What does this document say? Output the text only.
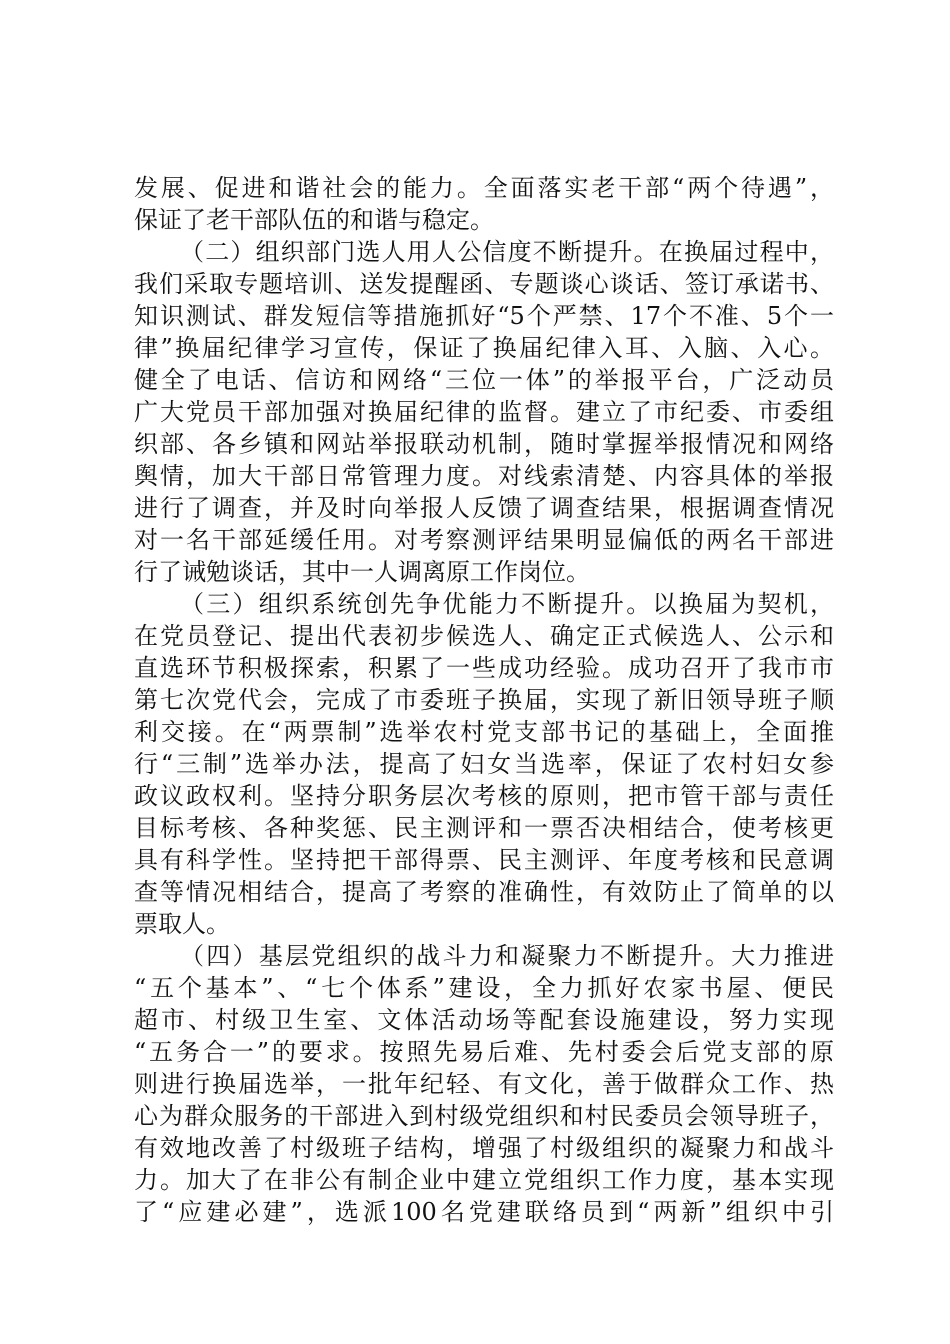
发展、促进和谐社会的能力。全面落实老干部“两个待遇”，
保证了老干部队伍的和谐与稳定。
（二）组织部门选人用人公信度不断提升。在换届过程中，
我们采取专题培训、送发提醒函、专题谈心谈话、签订承诺书、
知识测试、群发短信等措施抓好“5个严禁、17个不准、5个一
律”换届纪律学习宣传，保证了换届纪律入耳、入脑、入心。
健全了电话、信访和网络“三位一体”的举报平台，广泛动员
广大党员干部加强对换届纪律的监督。建立了市纪委、市委组
织部、各乡镇和网站举报联动机制，随时掌握举报情况和网络
舆情，加大干部日常管理力度。对线索清楚、内容具体的举报
进行了调查，并及时向举报人反馈了调查结果，根据调查情况
对一名干部延缓任用。对考察测评结果明显偏低的两名干部进
行了诫勉谈话，其中一人调离原工作岗位。
（三）组织系统创先争优能力不断提升。以换届为契机，
在党员登记、提出代表初步候选人、确定正式候选人、公示和
直选环节积极探索，积累了一些成功经验。成功召开了我市市
第七次党代会，完成了市委班子换届，实现了新旧领导班子顺
利交接。在“两票制”选举农村党支部书记的基础上，全面推
行“三制”选举办法，提高了妇女当选率，保证了农村妇女参
政议政权利。坚持分职务层次考核的原则，把市管干部与责任
目标考核、各种奖惩、民主测评和一票否决相结合，使考核更
具有科学性。坚持把干部得票、民主测评、年度考核和民意调
查等情况相结合，提高了考察的准确性，有效防止了简单的以
票取人。
（四）基层党组织的战斗力和凝聚力不断提升。大力推进
“五个基本”、“七个体系”建设，全力抓好农家书屋、便民
超市、村级卫生室、文体活动场等配套设施建设，努力实现
“五务合一”的要求。按照先易后难、先村委会后党支部的原
则进行换届选举，一批年纪轻、有文化，善于做群众工作、热
心为群众服务的干部进入到村级党组织和村民委员会领导班子，
有效地改善了村级班子结构，增强了村级组织的凝聚力和战斗
力。加大了在非公有制企业中建立党组织工作力度，基本实现
了“应建必建”，选派100名党建联络员到“两新”组织中引
